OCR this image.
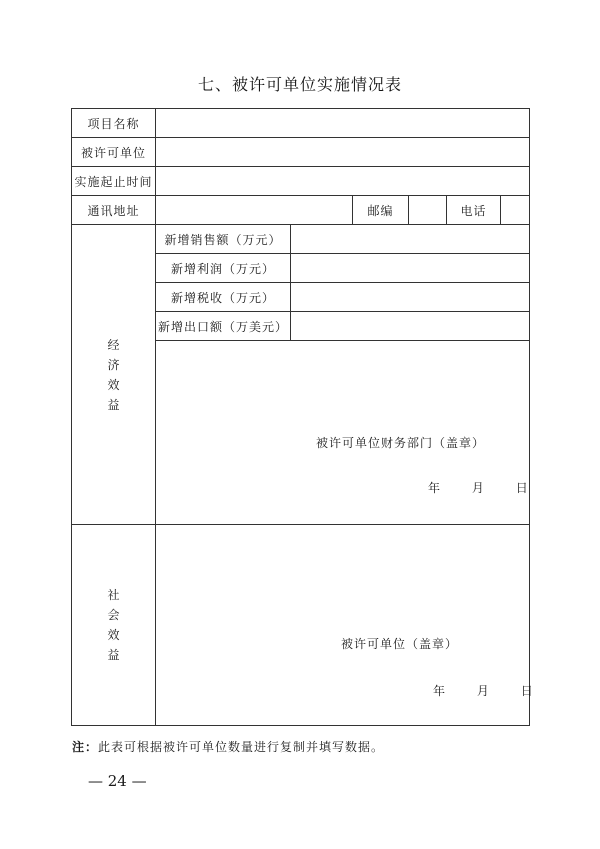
七、被许可单位实施情况表
项目名称						
被许可单位						
实施起止时间						
通讯地址			邮编		电话	
经济效益	新增销售额（万元）					
	新增利润（万元）					
	新增税收（万元）					
	新增出口额（万美元）					

	被许可单位财务部门（盖章）
年 月 日					

社会效益	被许可单位（盖章）
年 月 日					
注：此表可根据被许可单位数量进行复制并填写数据。
— 24 —
